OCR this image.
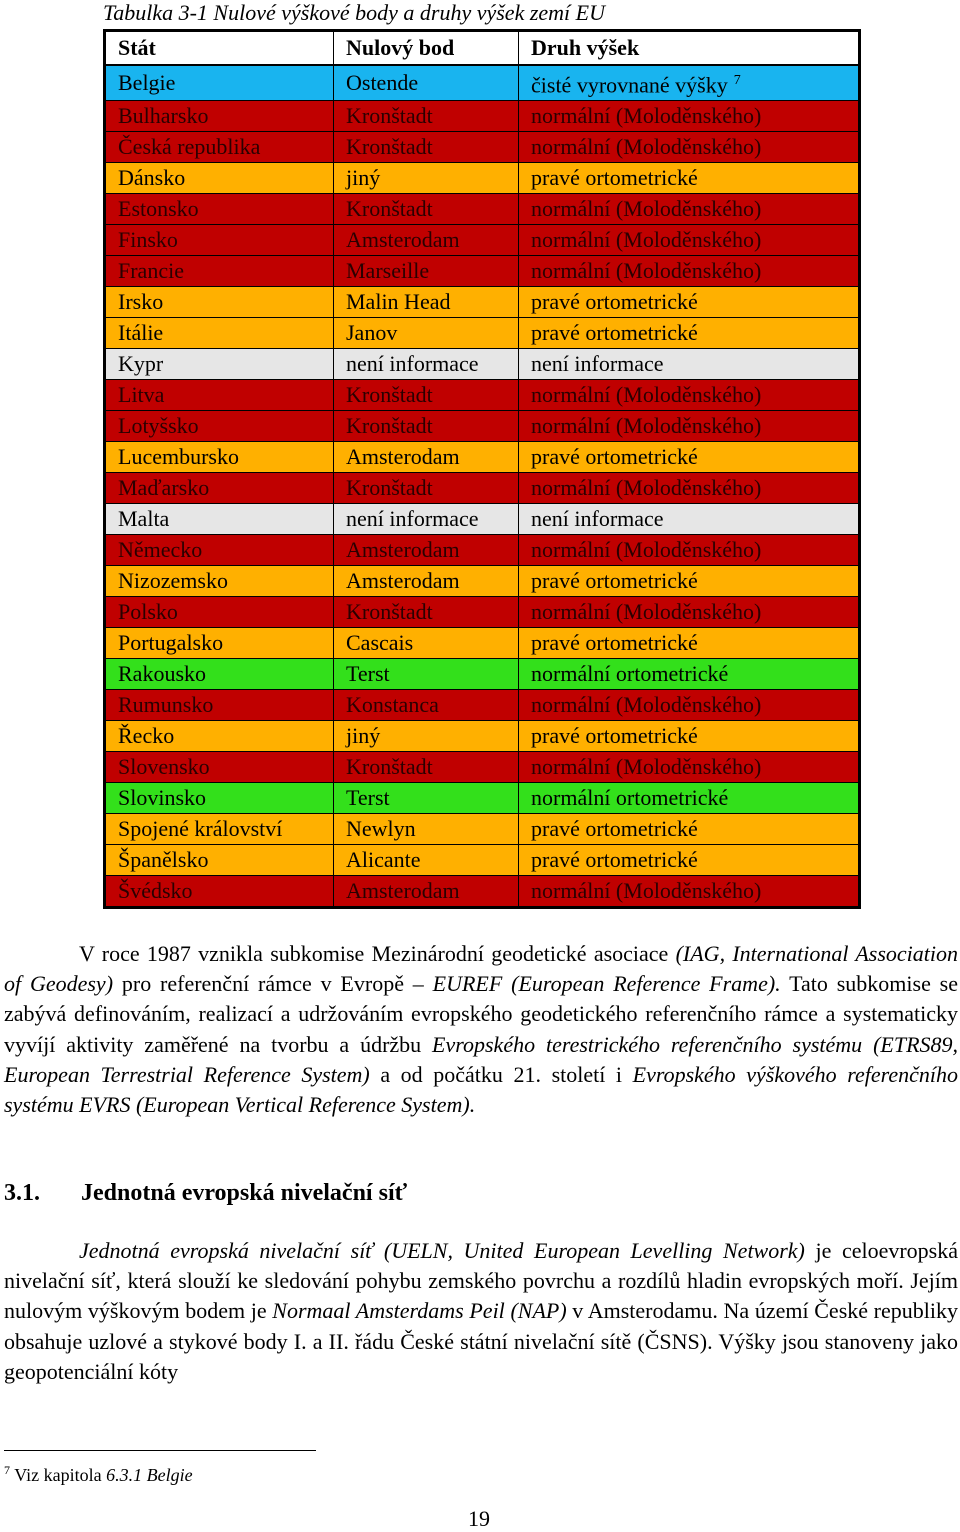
Tabulka 3-1 Nulové výškové body a druhy výšek zemí EU
Stát	Nulový bod	Druh výšek
Belgie	Ostende	čisté vyrovnané výšky $^7$
Bulharsko	Kronštadt	normální (Moloděnského)
Česká republika	Kronštadt	normální (Moloděnského)
Dánsko	jiný	pravé ortometrické
Estonsko	Kronštadt	normální (Moloděnského)
Finsko	Amsterodam	normální (Moloděnského)
Francie	Marseille	normální (Moloděnského)
Irsko	Malin Head	pravé ortometrické
Itálie	Janov	pravé ortometrické
Kypr	není informace	není informace
Litva	Kronštadt	normální (Moloděnského)
Lotyšsko	Kronštadt	normální (Moloděnského)
Lucembursko	Amsterodam	pravé ortometrické
Maďarsko	Kronštadt	normální (Moloděnského)
Malta	není informace	není informace
Německo	Amsterodam	normální (Moloděnského)
Nizozemsko	Amsterodam	pravé ortometrické
Polsko	Kronštadt	normální (Moloděnského)
Portugalsko	Cascais	pravé ortometrické
Rakousko	Terst	normální ortometrické
Rumunsko	Konstanca	normální (Moloděnského)
Řecko	jiný	pravé ortometrické
Slovensko	Kronštadt	normální (Moloděnského)
Slovinsko	Terst	normální ortometrické
Spojené království	Newlyn	pravé ortometrické
Španělsko	Alicante	pravé ortometrické
Švédsko	Amsterodam	normální (Moloděnského)
V roce 1987 vznikla subkomise Mezinárodní geodetické asociace (IAG, International Association of Geodesy) pro referenční rámce v Evropě – EUREF (European Reference Frame). Tato subkomise se zabývá definováním, realizací a udržováním evropského geodetického referenčního rámce a systematicky vyvíjí aktivity zaměřené na tvorbu a údržbu Evropského terestrického referenčního systému (ETRS89, European Terrestrial Reference System) a od počátku 21. století i Evropského výškového referenčního systému EVRS (European Vertical Reference System).
3.1. Jednotná evropská nivelační síť
Jednotná evropská nivelační síť (UELN, United European Levelling Network) je celoevropská nivelační síť, která slouží ke sledování pohybu zemského povrchu a rozdílů hladin evropských moří. Jejím nulovým výškovým bodem je Normaal Amsterdams Peil (NAP) v Amsterodamu. Na území České republiky obsahuje uzlové a stykové body I. a II. řádu České státní nivelační sítě (ČSNS). Výšky jsou stanoveny jako geopotenciální kóty
$^7$ Viz kapitola 6.3.1 Belgie
19
